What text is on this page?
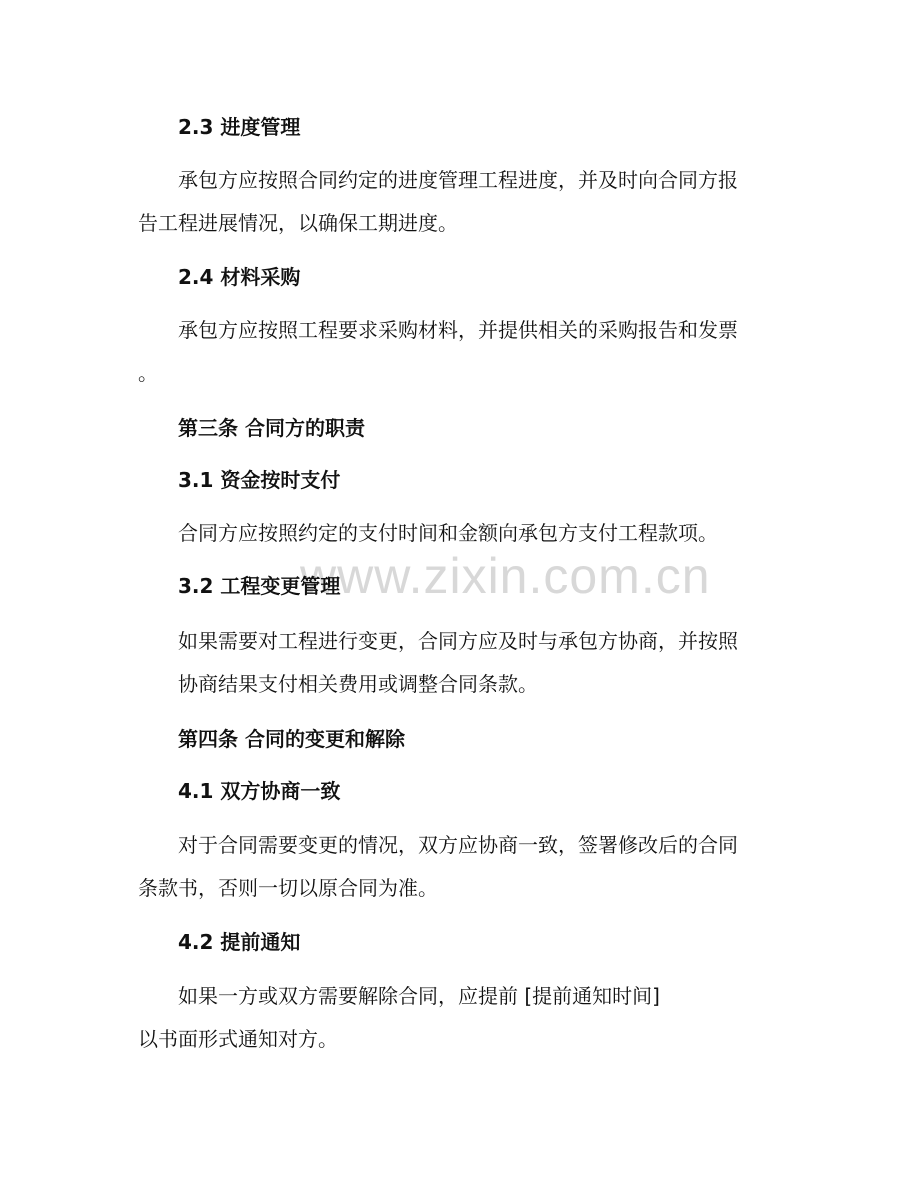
www.zixin.com.cn
2.3 进度管理
承包方应按照合同约定的进度管理工程进度，并及时向合同方报
告工程进展情况，以确保工期进度。
2.4 材料采购
承包方应按照工程要求采购材料，并提供相关的采购报告和发票
。
第三条 合同方的职责
3.1 资金按时支付
合同方应按照约定的支付时间和金额向承包方支付工程款项。
3.2 工程变更管理
如果需要对工程进行变更，合同方应及时与承包方协商，并按照
协商结果支付相关费用或调整合同条款。
第四条 合同的变更和解除
4.1 双方协商一致
对于合同需要变更的情况，双方应协商一致，签署修改后的合同
条款书，否则一切以原合同为准。
4.2 提前通知
如果一方或双方需要解除合同，应提前 [提前通知时间]
以书面形式通知对方。
